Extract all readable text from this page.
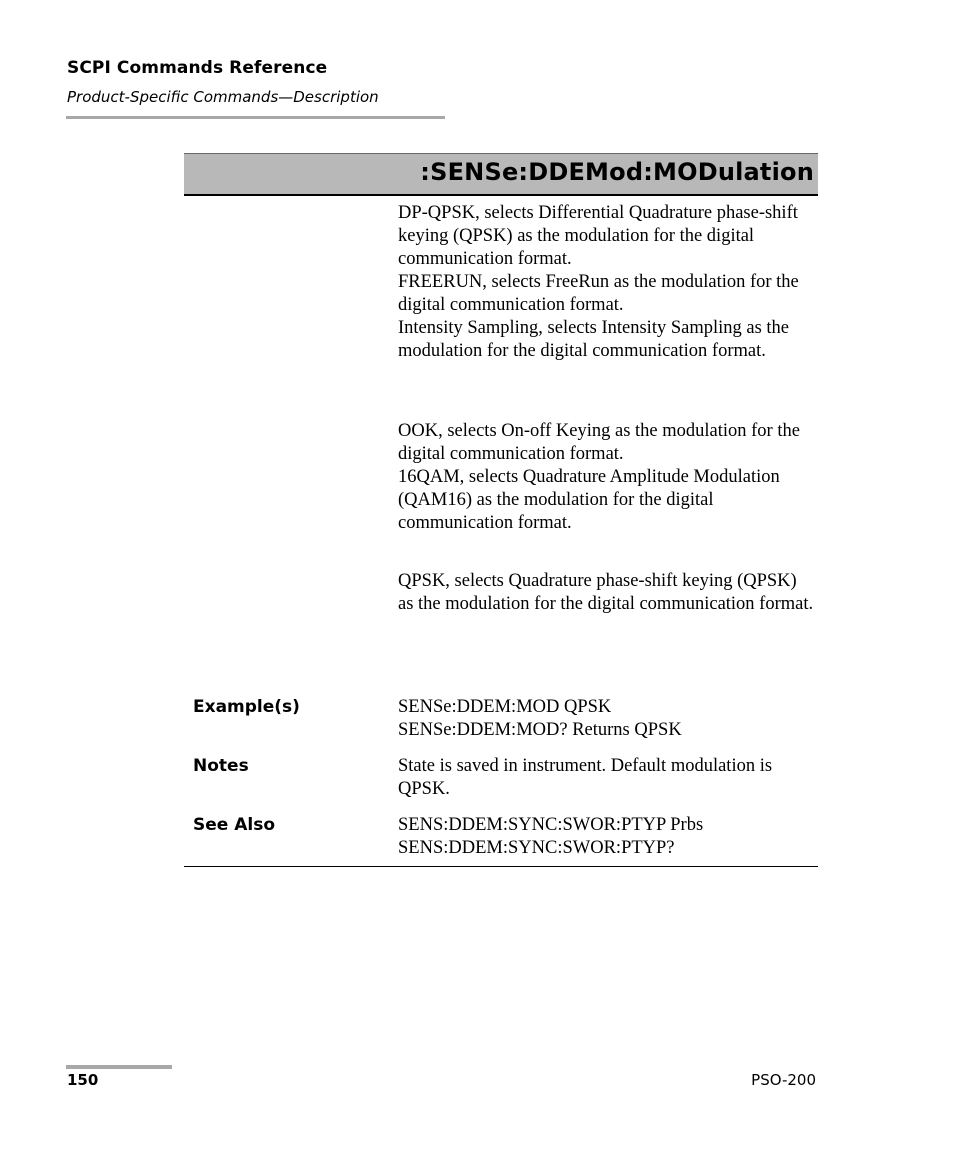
SCPI Commands Reference
Product-Specific Commands—Description
:SENSe:DDEMod:MODulation

DP-QPSK, selects Differential Quadrature phase-shift keying (QPSK) as the modulation for the digital communication format.

FREERUN, selects FreeRun as the modulation for the digital communication format.

Intensity Sampling, selects Intensity Sampling as the modulation for the digital communication format.

OOK, selects On-off Keying as the modulation for the digital communication format.

16QAM, selects Quadrature Amplitude Modulation (QAM16) as the modulation for the digital communication format.

QPSK, selects Quadrature phase-shift keying (QPSK) as the modulation for the digital communication format.

Example(s)	SENSe:DDEM:MOD QPSK

SENSe:DDEM:MOD? Returns QPSK

Notes	State is saved in instrument. Default modulation is QPSK.

See Also	SENS:DDEM:SYNC:SWOR:PTYP Prbs

SENS:DDEM:SYNC:SWOR:PTYP?

150	PSO-200
